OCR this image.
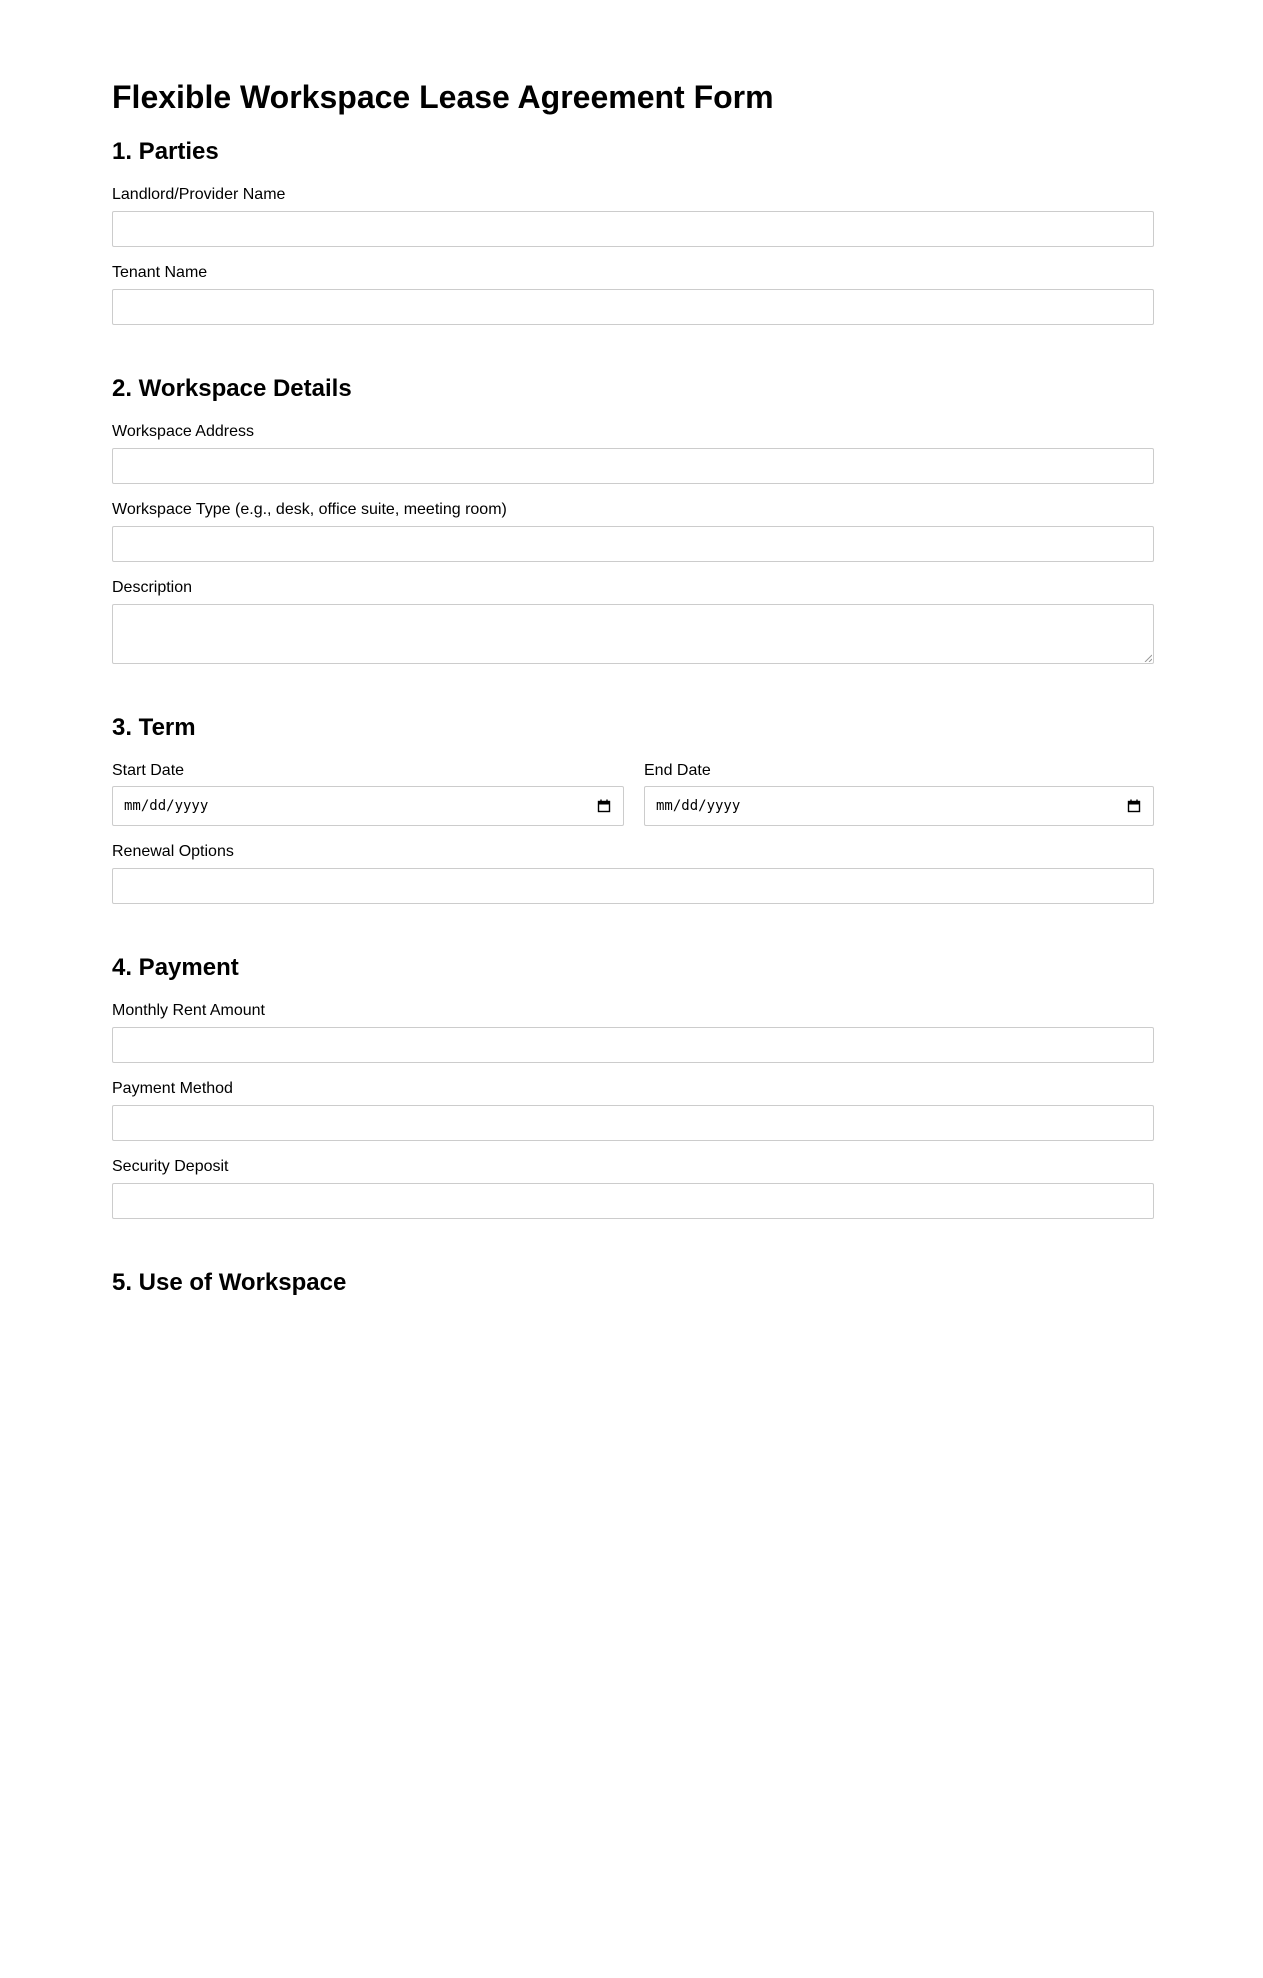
Flexible Workspace Lease Agreement Form
1. Parties
Landlord/Provider Name
Tenant Name
2. Workspace Details
Workspace Address
Workspace Type (e.g., desk, office suite, meeting room)
Description
3. Term
Start Date	End Date
mm/dd/yyyy	mm/dd/yyyy
Renewal Options
4. Payment
Monthly Rent Amount
Payment Method
Security Deposit
5. Use of Workspace
